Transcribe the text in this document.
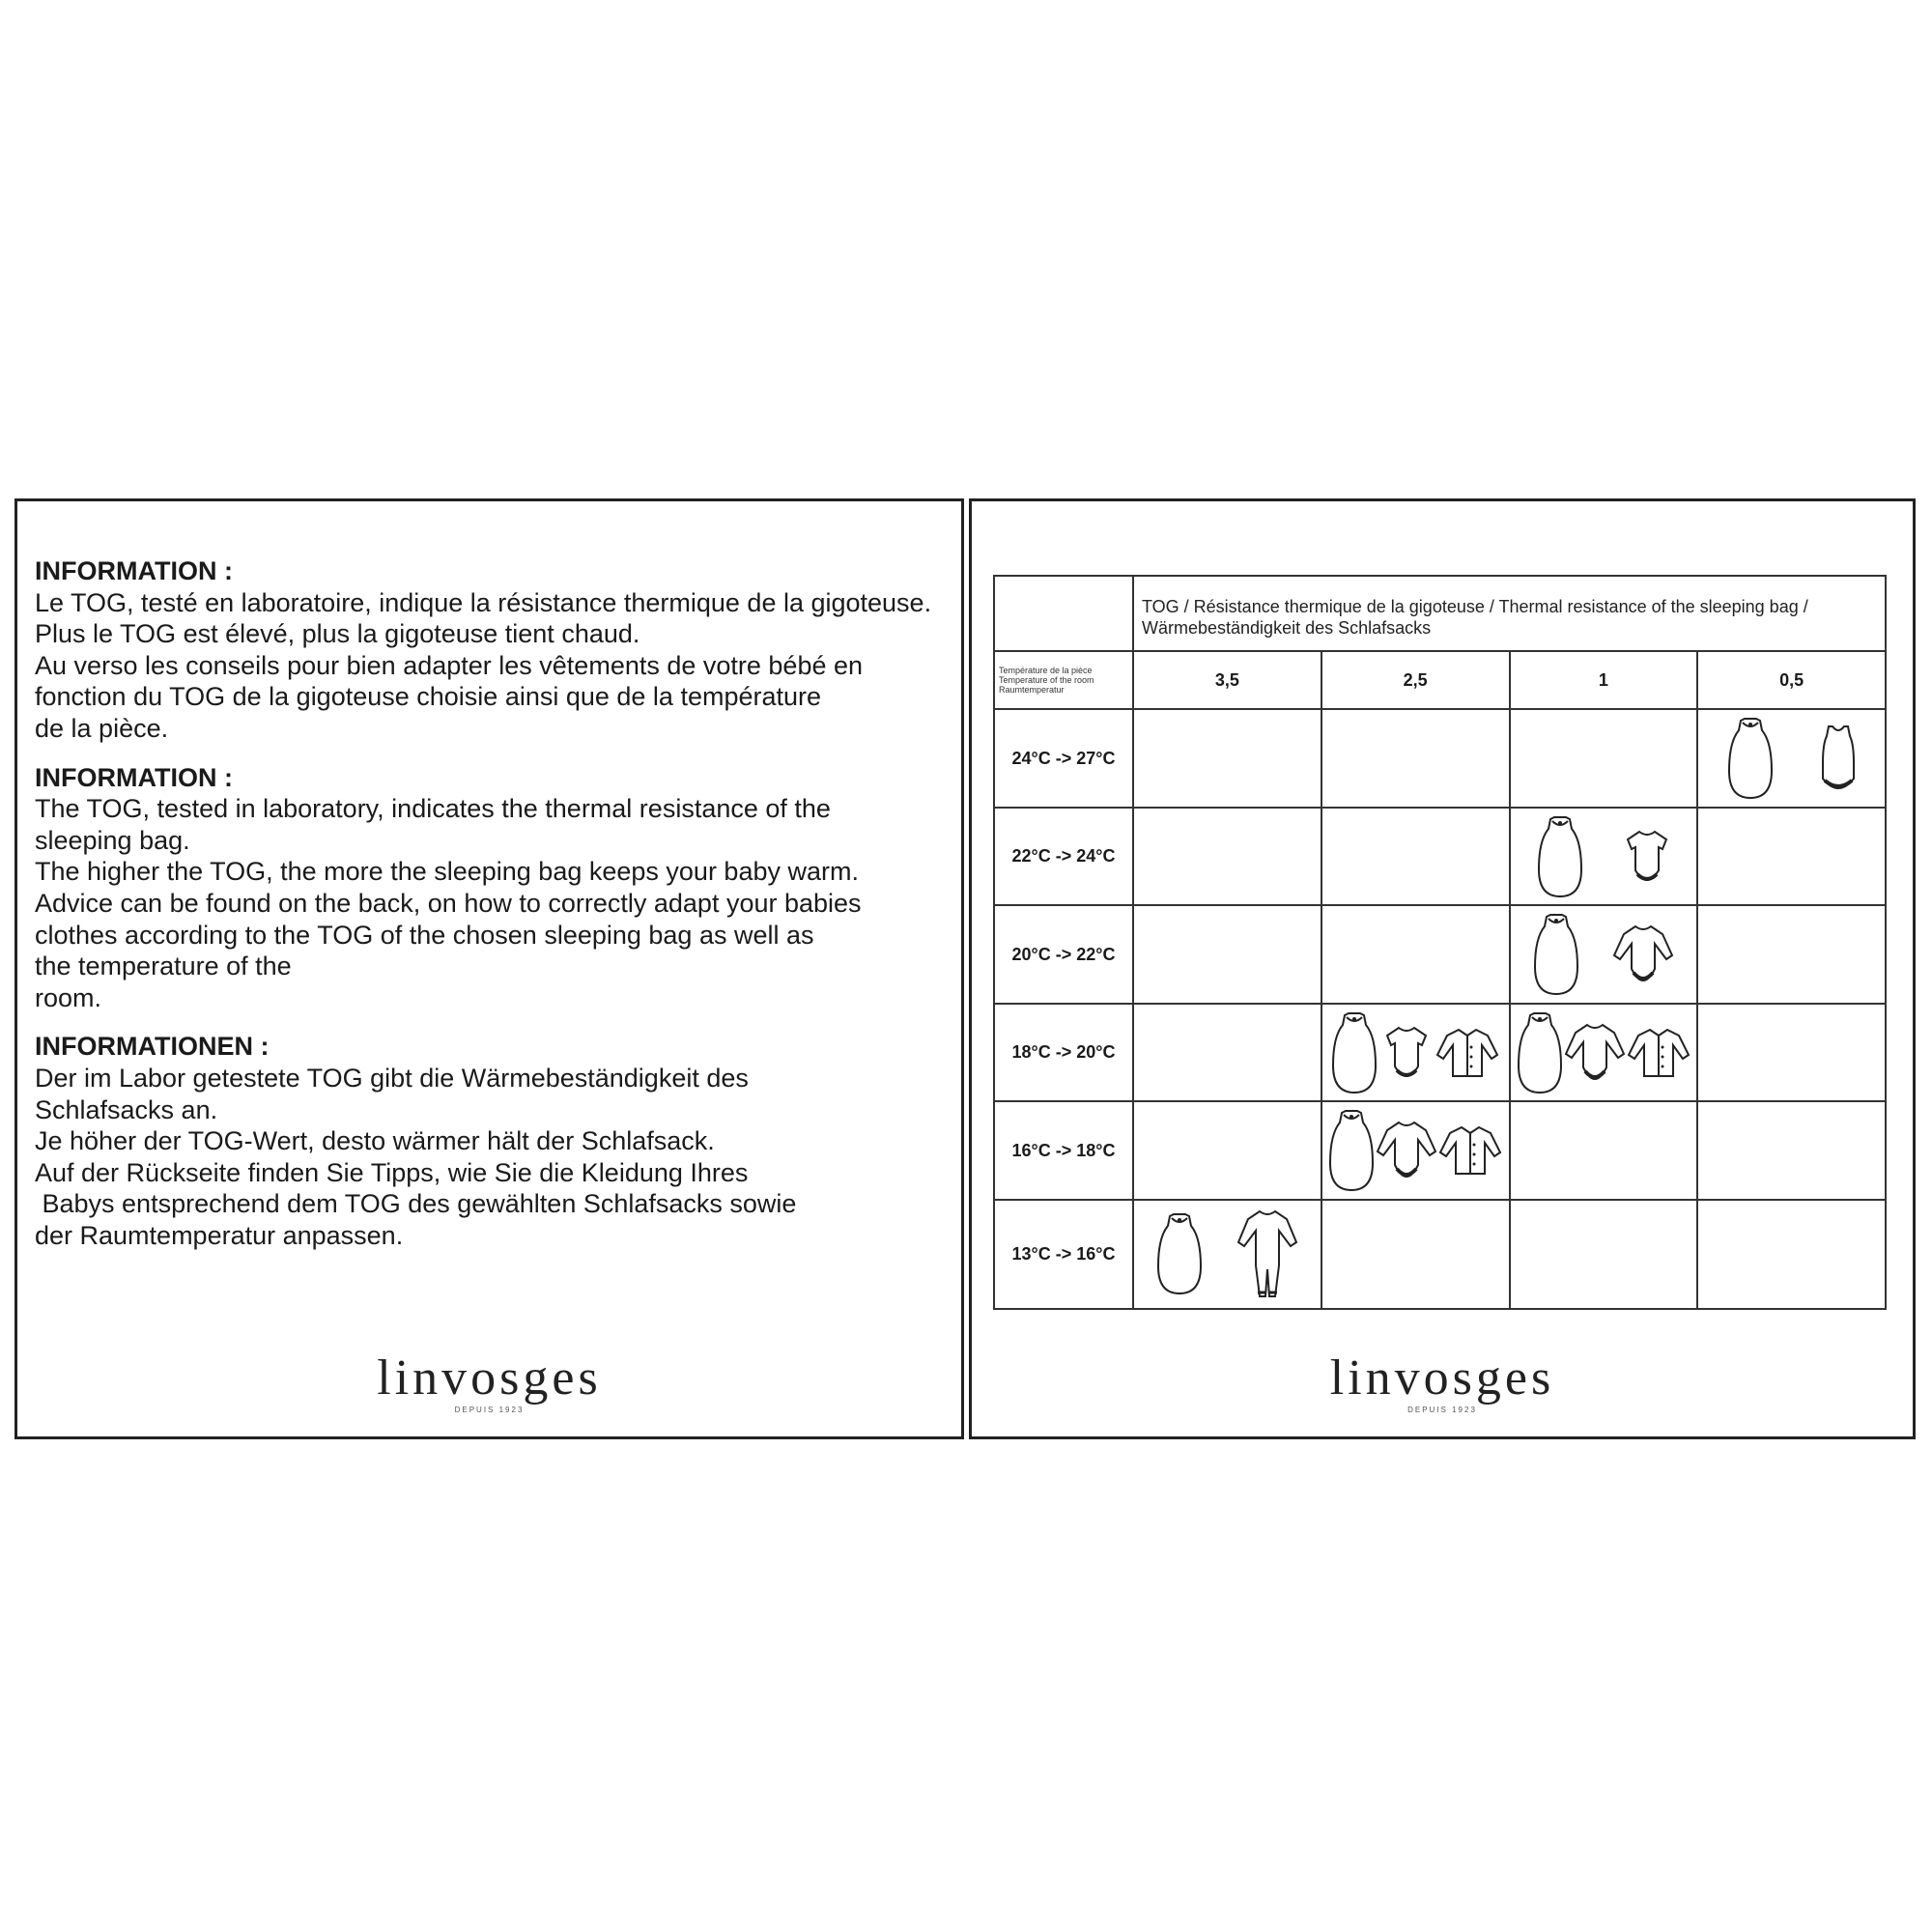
INFORMATION :
Le TOG, testé en laboratoire, indique la résistance thermique de la gigoteuse.
Plus le TOG est élevé, plus la gigoteuse tient chaud.
Au verso les conseils pour bien adapter les vêtements de votre bébé en
fonction du TOG de la gigoteuse choisie ainsi que de la température
de la pièce.
INFORMATION :
The TOG, tested in laboratory, indicates the thermal resistance of the
sleeping bag.
The higher the TOG, the more the sleeping bag keeps your baby warm.
Advice can be found on the back, on how to correctly adapt your babies
clothes according to the TOG of the chosen sleeping bag as well as
the temperature of the
room.
INFORMATIONEN :
Der im Labor getestete TOG gibt die Wärmebeständigkeit des
Schlafsacks an.
Je höher der TOG-Wert, desto wärmer hält der Schlafsack.
Auf der Rückseite finden Sie Tipps, wie Sie die Kleidung Ihres
Babys entsprechend dem TOG des gewählten Schlafsacks sowie
der Raumtemperatur anpassen.
linvosges
DEPUIS 1923

	TOG / Résistance thermique de la gigoteuse / Thermal resistance of the sleeping bag /
Wärmebeständigkeit des Schlafsacks			

Température de la pièce
Temperature of the room
Raumtemperatur	3,5	2,5	1	0,5
24°C -> 27°C				

22°C -> 24°C			

20°C -> 22°C			

18°C -> 20°C		

16°C -> 18°C		

13°C -> 16°C	

linvosges
DEPUIS 1923
